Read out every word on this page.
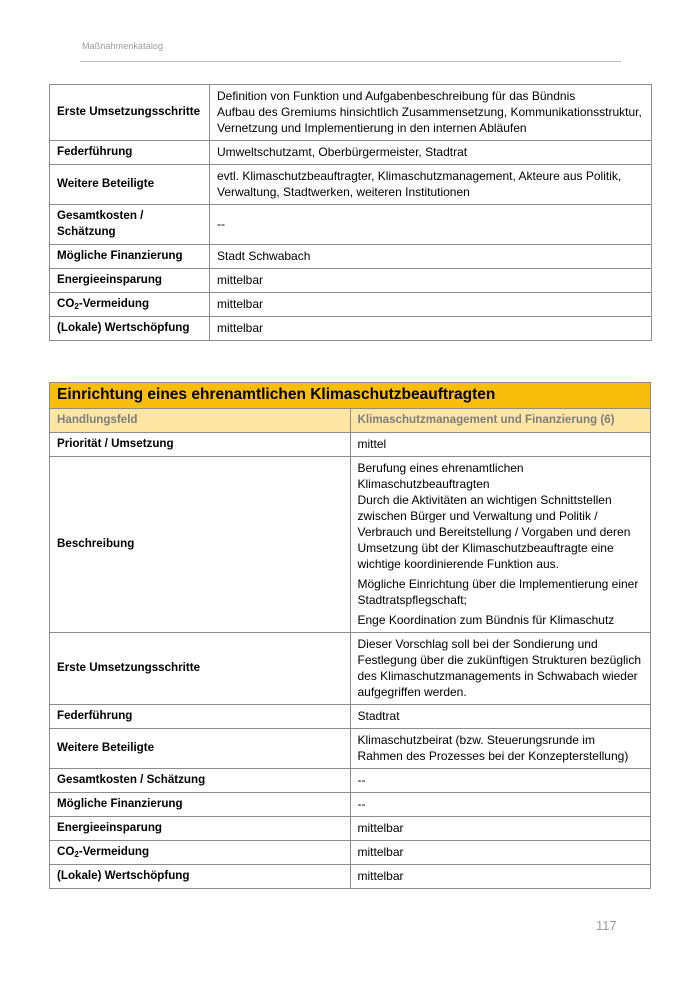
Maßnahmenkatalog
Erste Umsetzungsschritte	Definition von Funktion und Aufgabenbeschreibung für das Bündnis
Aufbau des Gremiums hinsichtlich Zusammensetzung, Kommunikationsstruktur, Vernetzung und Implementierung in den internen Abläufen

Federführung	Umweltschutzamt, Oberbürgermeister, Stadtrat
Weitere Beteiligte	evtl. Klimaschutzbeauftragter, Klimaschutzmanagement, Akteure aus Politik, Verwaltung, Stadtwerken, weiteren Institutionen
Gesamtkosten / Schätzung	--
Mögliche Finanzierung	Stadt Schwabach
Energieeinsparung	mittelbar
$CO_2$-Vermeidung	mittelbar
(Lokale) Wertschöpfung	mittelbar
Einrichtung eines ehrenamtlichen Klimaschutzbeauftragten	
Handlungsfeld	Klimaschutzmanagement und Finanzierung (6)
Priorität / Umsetzung	mittel
Beschreibung	Berufung eines ehrenamtlichen Klimaschutzbeauftragten
Durch die Aktivitäten an wichtigen Schnittstellen zwischen Bürger und Verwaltung und Politik / Verbrauch und Bereitstellung / Vorgaben und deren Umsetzung übt der Klimaschutzbeauftragte eine wichtige koordinierende Funktion aus.
Mögliche Einrichtung über die Implementierung einer Stadtratspflegschaft;
Enge Koordination zum Bündnis für Klimaschutz

Erste Umsetzungsschritte	Dieser Vorschlag soll bei der Sondierung und Festlegung über die zukünftigen Strukturen bezüglich des Klimaschutzmanagements in Schwabach wieder aufgegriffen werden.
Federführung	Stadtrat
Weitere Beteiligte	Klimaschutzbeirat (bzw. Steuerungsrunde im Rahmen des Prozesses bei der Konzepterstellung)
Gesamtkosten / Schätzung	--
Mögliche Finanzierung	--
Energieeinsparung	mittelbar
$CO_2$-Vermeidung	mittelbar
(Lokale) Wertschöpfung	mittelbar
117
